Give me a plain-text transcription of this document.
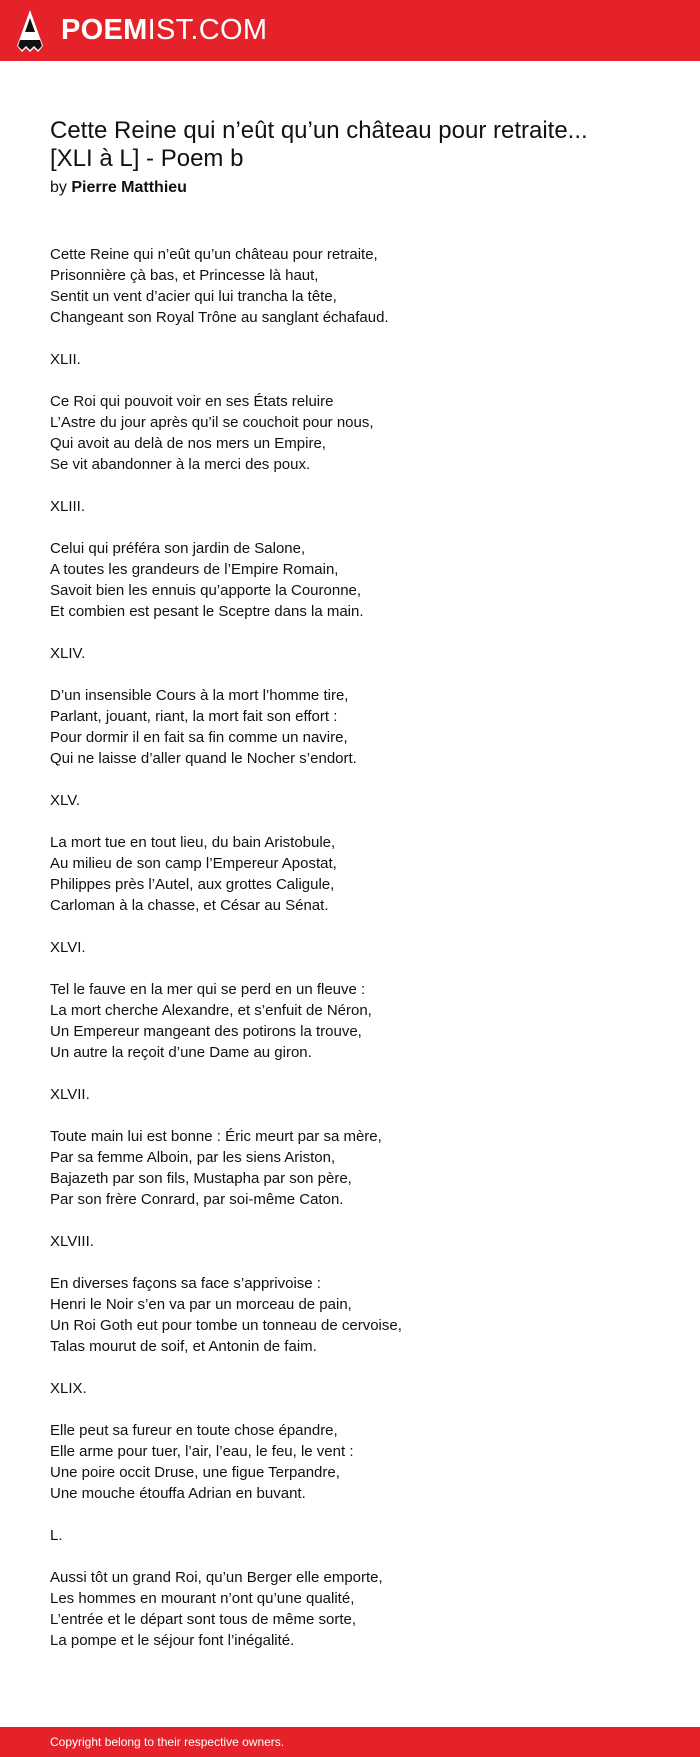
POEMIST.COM
Cette Reine qui n’eût qu’un château pour retraite... [XLI à L] - Poem b
by Pierre Matthieu
Cette Reine qui n’eût qu’un château pour retraite,
Prisonnière çà bas, et Princesse là haut,
Sentit un vent d’acier qui lui trancha la tête,
Changeant son Royal Trône au sanglant échafaud.
XLII.
Ce Roi qui pouvoit voir en ses États reluire
L’Astre du jour après qu’il se couchoit pour nous,
Qui avoit au delà de nos mers un Empire,
Se vit abandonner à la merci des poux.
XLIII.
Celui qui préféra son jardin de Salone,
A toutes les grandeurs de l’Empire Romain,
Savoit bien les ennuis qu’apporte la Couronne,
Et combien est pesant le Sceptre dans la main.
XLIV.
D’un insensible Cours à la mort l’homme tire,
Parlant, jouant, riant, la mort fait son effort :
Pour dormir il en fait sa fin comme un navire,
Qui ne laisse d’aller quand le Nocher s’endort.
XLV.
La mort tue en tout lieu, du bain Aristobule,
Au milieu de son camp l’Empereur Apostat,
Philippes près l’Autel, aux grottes Caligule,
Carloman à la chasse, et César au Sénat.
XLVI.
Tel le fauve en la mer qui se perd en un fleuve :
La mort cherche Alexandre, et s’enfuit de Néron,
Un Empereur mangeant des potirons la trouve,
Un autre la reçoit d’une Dame au giron.
XLVII.
Toute main lui est bonne : Éric meurt par sa mère,
Par sa femme Alboin, par les siens Ariston,
Bajazeth par son fils, Mustapha par son père,
Par son frère Conrard, par soi-même Caton.
XLVIII.
En diverses façons sa face s’apprivoise :
Henri le Noir s’en va par un morceau de pain,
Un Roi Goth eut pour tombe un tonneau de cervoise,
Talas mourut de soif, et Antonin de faim.
XLIX.
Elle peut sa fureur en toute chose épandre,
Elle arme pour tuer, l’air, l’eau, le feu, le vent :
Une poire occit Druse, une figue Terpandre,
Une mouche étouffa Adrian en buvant.
L.
Aussi tôt un grand Roi, qu’un Berger elle emporte,
Les hommes en mourant n’ont qu’une qualité,
L’entrée et le départ sont tous de même sorte,
La pompe et le séjour font l’inégalité.
Copyright belong to their respective owners.
